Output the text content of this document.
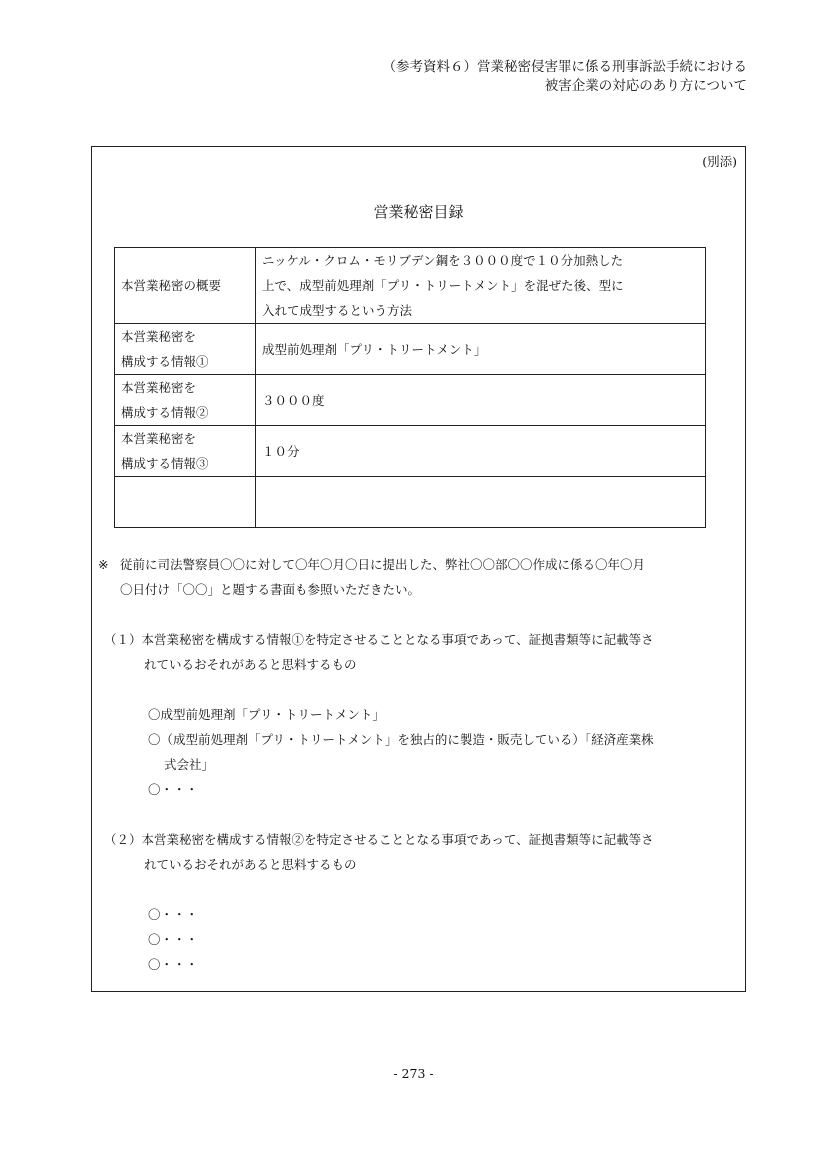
（参考資料６）営業秘密侵害罪に係る刑事訴訟手続における
被害企業の対応のあり方について
(別添)
営業秘密目録
本営業秘密の概要	ニッケル・クロム・モリブデン鋼を３０００度で１０分加熱した
上で、成型前処理剤「プリ・トリートメント」を混ぜた後、型に
入れて成型するという方法

本営業秘密を
構成する情報①	成型前処理剤「プリ・トリートメント」

本営業秘密を
構成する情報②	３０００度

本営業秘密を
構成する情報③	１０分

※ 従前に司法警察員〇〇に対して〇年〇月〇日に提出した、弊社〇〇部〇〇作成に係る〇年〇月
〇日付け「〇〇」と題する書面も参照いただきたい。
（１）本営業秘密を構成する情報①を特定させることとなる事項であって、証拠書類等に記載等さ
れているおそれがあると思料するもの
〇成型前処理剤「プリ・トリートメント」
〇（成型前処理剤「プリ・トリートメント」を独占的に製造・販売している）「経済産業株
式会社」
〇・・・
（２）本営業秘密を構成する情報②を特定させることとなる事項であって、証拠書類等に記載等さ
れているおそれがあると思料するもの
〇・・・
〇・・・
〇・・・
- 273 -
